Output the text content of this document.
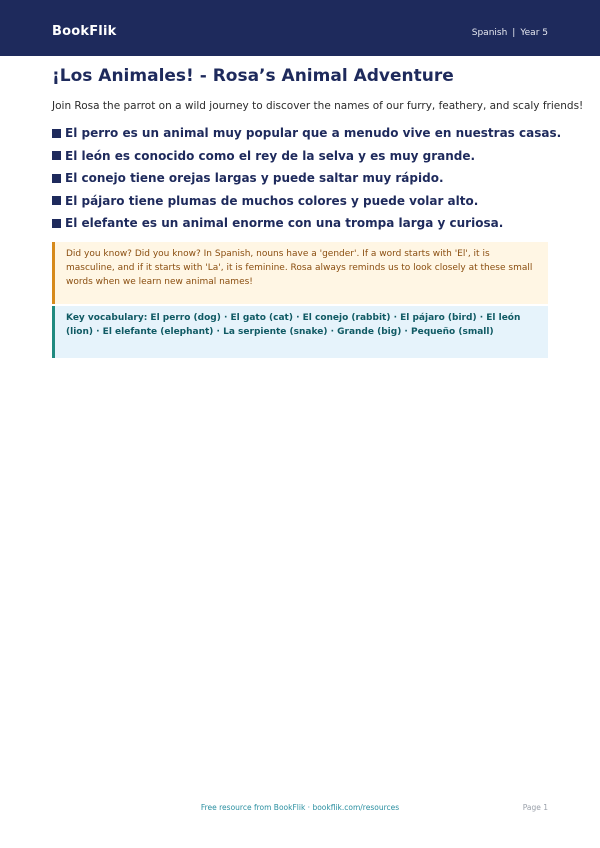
BookFlik	Spanish | Year 5
¡Los Animales! - Rosa’s Animal Adventure

Join Rosa the parrot on a wild journey to discover the names of our furry, feathery, and scaly friends!

El perro es un animal muy popular que a menudo vive en nuestras casas.
El león es conocido como el rey de la selva y es muy grande.
El conejo tiene orejas largas y puede saltar muy rápido.
El pájaro tiene plumas de muchos colores y puede volar alto.
El elefante es un animal enorme con una trompa larga y curiosa.
Did you know? Did you know? In Spanish, nouns have a 'gender'. If a word starts with 'El', it is masculine, and if it starts with 'La', it is feminine. Rosa always reminds us to look closely at these small words when we learn new animal names!
Key vocabulary: El perro (dog) · El gato (cat) · El conejo (rabbit) · El pájaro (bird) · El león (lion) · El elefante (elephant) · La serpiente (snake) · Grande (big) · Pequeño (small)
Free resource from BookFlik · bookflik.com/resources	Page 1
